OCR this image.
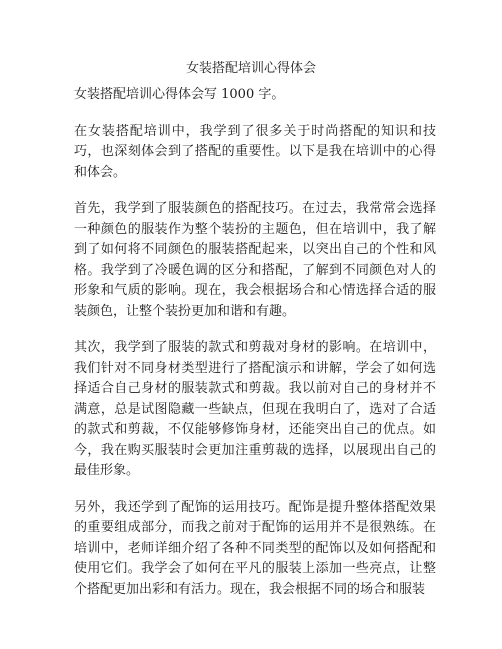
女装搭配培训心得体会

女装搭配培训心得体会写 1000 字。

在女装搭配培训中，我学到了很多关于时尚搭配的知识和技巧，也深刻体会到了搭配的重要性。以下是我在培训中的心得和体会。

首先，我学到了服装颜色的搭配技巧。在过去，我常常会选择一种颜色的服装作为整个装扮的主题色，但在培训中，我了解到了如何将不同颜色的服装搭配起来，以突出自己的个性和风格。我学到了冷暖色调的区分和搭配，了解到不同颜色对人的形象和气质的影响。现在，我会根据场合和心情选择合适的服装颜色，让整个装扮更加和谐和有趣。

其次，我学到了服装的款式和剪裁对身材的影响。在培训中，我们针对不同身材类型进行了搭配演示和讲解，学会了如何选择适合自己身材的服装款式和剪裁。我以前对自己的身材并不满意，总是试图隐藏一些缺点，但现在我明白了，选对了合适的款式和剪裁，不仅能够修饰身材，还能突出自己的优点。如今，我在购买服装时会更加注重剪裁的选择，以展现出自己的最佳形象。

另外，我还学到了配饰的运用技巧。配饰是提升整体搭配效果的重要组成部分，而我之前对于配饰的运用并不是很熟练。在培训中，老师详细介绍了各种不同类型的配饰以及如何搭配和使用它们。我学会了如何在平凡的服装上添加一些亮点，让整个搭配更加出彩和有活力。现在，我会根据不同的场合和服装
